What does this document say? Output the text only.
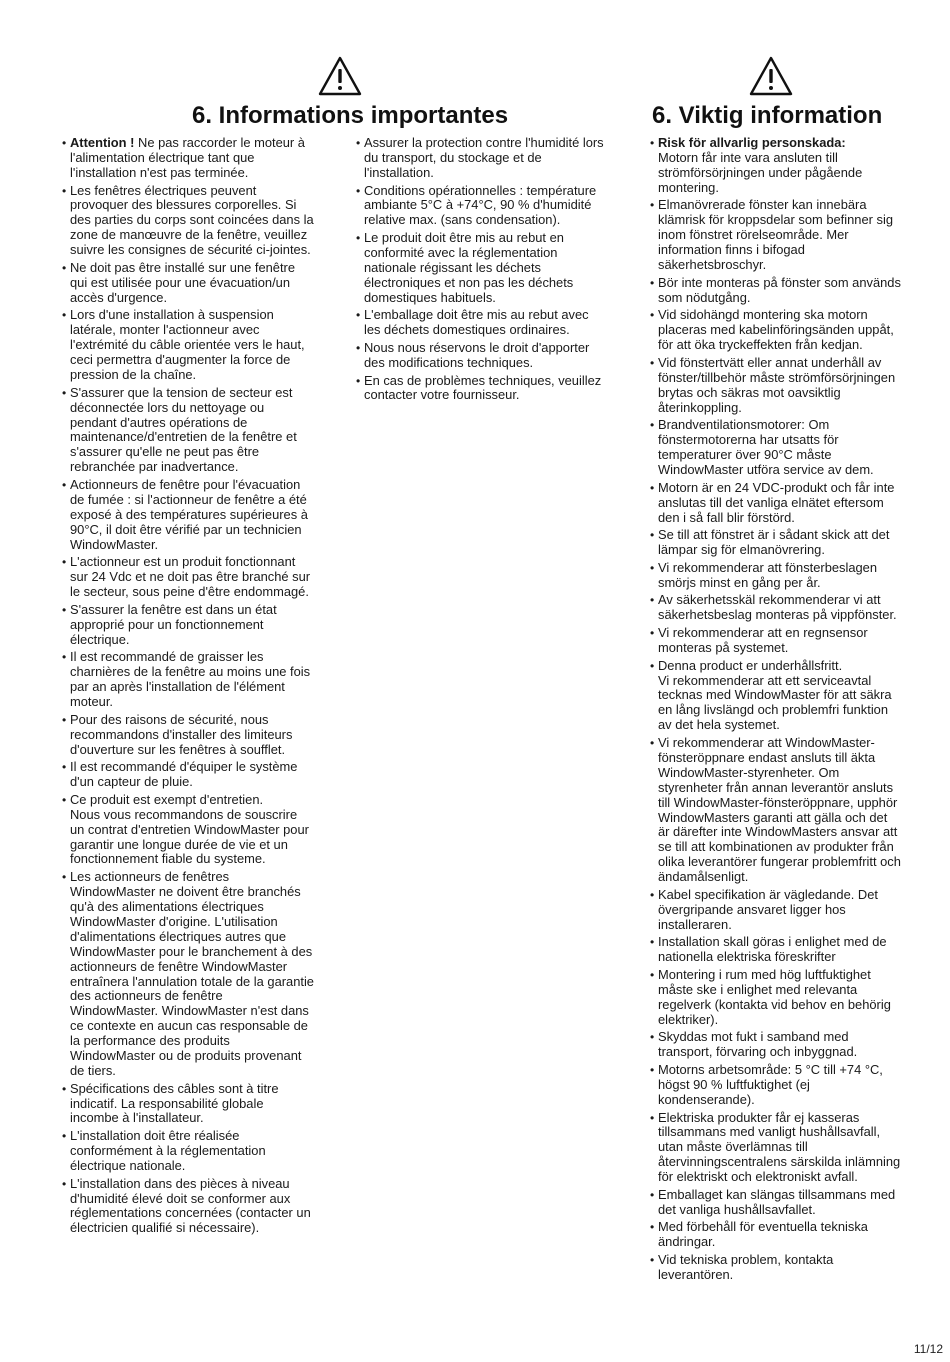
6. Informations importantes
• Attention ! Ne pas raccorder le moteur à
l'alimentation électrique tant que
l'installation n'est pas terminée.
• Les fenêtres électriques peuvent
provoquer des blessures corporelles. Si
des parties du corps sont coincées dans la
zone de manœuvre de la fenêtre, veuillez
suivre les consignes de sécurité ci-jointes.
• Ne doit pas être installé sur une fenêtre
qui est utilisée pour une évacuation/un
accès d'urgence.
• Lors d'une installation à suspension
latérale, monter l'actionneur avec
l'extrémité du câble orientée vers le haut,
ceci permettra d'augmenter la force de
pression de la chaîne.
• S'assurer que la tension de secteur est
déconnectée lors du nettoyage ou
pendant d'autres opérations de
maintenance/d'entretien de la fenêtre et
s'assurer qu'elle ne peut pas être
rebranchée par inadvertance.
• Actionneurs de fenêtre pour l'évacuation
de fumée : si l'actionneur de fenêtre a été
exposé à des températures supérieures à
90°C, il doit être vérifié par un technicien
WindowMaster.
• L'actionneur est un produit fonctionnant
sur 24 Vdc et ne doit pas être branché sur
le secteur, sous peine d'être endommagé.
• S'assurer la fenêtre est dans un état
approprié pour un fonctionnement
électrique.
• Il est recommandé de graisser les
charnières de la fenêtre au moins une fois
par an après l'installation de l'élément
moteur.
• Pour des raisons de sécurité, nous
recommandons d'installer des limiteurs
d'ouverture sur les fenêtres à soufflet.
• Il est recommandé d'équiper le système
d'un capteur de pluie.
• Ce produit est exempt d'entretien.
Nous vous recommandons de souscrire
un contrat d'entretien WindowMaster pour
garantir une longue durée de vie et un
fonctionnement fiable du systeme.
• Les actionneurs de fenêtres
WindowMaster ne doivent être branchés
qu'à des alimentations électriques
WindowMaster d'origine. L'utilisation
d'alimentations électriques autres que
WindowMaster pour le branchement à des
actionneurs de fenêtre WindowMaster
entraînera l'annulation totale de la garantie
des actionneurs de fenêtre
WindowMaster. WindowMaster n'est dans
ce contexte en aucun cas responsable de
la performance des produits
WindowMaster ou de produits provenant
de tiers.
• Spécifications des câbles sont à titre
indicatif. La responsabilité globale
incombe à l'installateur.
• L'installation doit être réalisée
conformément à la réglementation
électrique nationale.
• L'installation dans des pièces à niveau
d'humidité élevé doit se conformer aux
réglementations concernées (contacter un
électricien qualifié si nécessaire).
• Assurer la protection contre l'humidité lors
du transport, du stockage et de
l'installation.
• Conditions opérationnelles : température
ambiante 5°C à +74°C, 90 % d'humidité
relative max. (sans condensation).
• Le produit doit être mis au rebut en
conformité avec la réglementation
nationale régissant les déchets
électroniques et non pas les déchets
domestiques habituels.
• L'emballage doit être mis au rebut avec
les déchets domestiques ordinaires.
• Nous nous réservons le droit d'apporter
des modifications techniques.
• En cas de problèmes techniques, veuillez
contacter votre fournisseur.
6. Viktig information
• Risk för allvarlig personskada:
Motorn får inte vara ansluten till
strömförsörjningen under pågående
montering.
• Elmanövrerade fönster kan innebära
klämrisk för kroppsdelar som befinner sig
inom fönstret rörelseområde. Mer
information finns i bifogad
säkerhetsbroschyr.
• Bör inte monteras på fönster som används
som nödutgång.
• Vid sidohängd montering ska motorn
placeras med kabelinföringsänden uppåt,
för att öka tryckeffekten från kedjan.
• Vid fönstertvätt eller annat underhåll av
fönster/tillbehör måste strömförsörjningen
brytas och säkras mot oavsiktlig
återinkoppling.
• Brandventilationsmotorer: Om
fönstermotorerna har utsatts för
temperaturer över 90°C måste
WindowMaster utföra service av dem.
• Motorn är en 24 VDC-produkt och får inte
anslutas till det vanliga elnätet eftersom
den i så fall blir förstörd.
• Se till att fönstret är i sådant skick att det
lämpar sig för elmanövrering.
• Vi rekommenderar att fönsterbeslagen
smörjs minst en gång per år.
• Av säkerhetsskäl rekommenderar vi att
säkerhetsbeslag monteras på vippfönster.
• Vi rekommenderar att en regnsensor
monteras på systemet.
• Denna product er underhållsfritt.
Vi rekommenderar att ett serviceavtal
tecknas med WindowMaster för att säkra
en lång livslängd och problemfri funktion
av det hela systemet.
• Vi rekommenderar att WindowMaster-
fönsteröppnare endast ansluts till äkta
WindowMaster-styrenheter. Om
styrenheter från annan leverantör ansluts
till WindowMaster-fönsteröppnare, upphör
WindowMasters garanti att gälla och det
är därefter inte WindowMasters ansvar att
se till att kombinationen av produkter från
olika leverantörer fungerar problemfritt och
ändamålsenligt.
• Kabel specifikation är vägledande. Det
övergripande ansvaret ligger hos
installeraren.
• Installation skall göras i enlighet med de
nationella elektriska föreskrifter
• Montering i rum med hög luftfuktighet
måste ske i enlighet med relevanta
regelverk (kontakta vid behov en behörig
elektriker).
• Skyddas mot fukt i samband med
transport, förvaring och inbyggnad.
• Motorns arbetsområde: 5 °C till +74 °C,
högst 90 % luftfuktighet (ej
kondenserande).
• Elektriska produkter får ej kasseras
tillsammans med vanligt hushållsavfall,
utan måste överlämnas till
återvinningscentralens särskilda inlämning
för elektriskt och elektroniskt avfall.
• Emballaget kan slängas tillsammans med
det vanliga hushållsavfallet.
• Med förbehåll för eventuella tekniska
ändringar.
• Vid tekniska problem, kontakta
leverantören.
11/12
